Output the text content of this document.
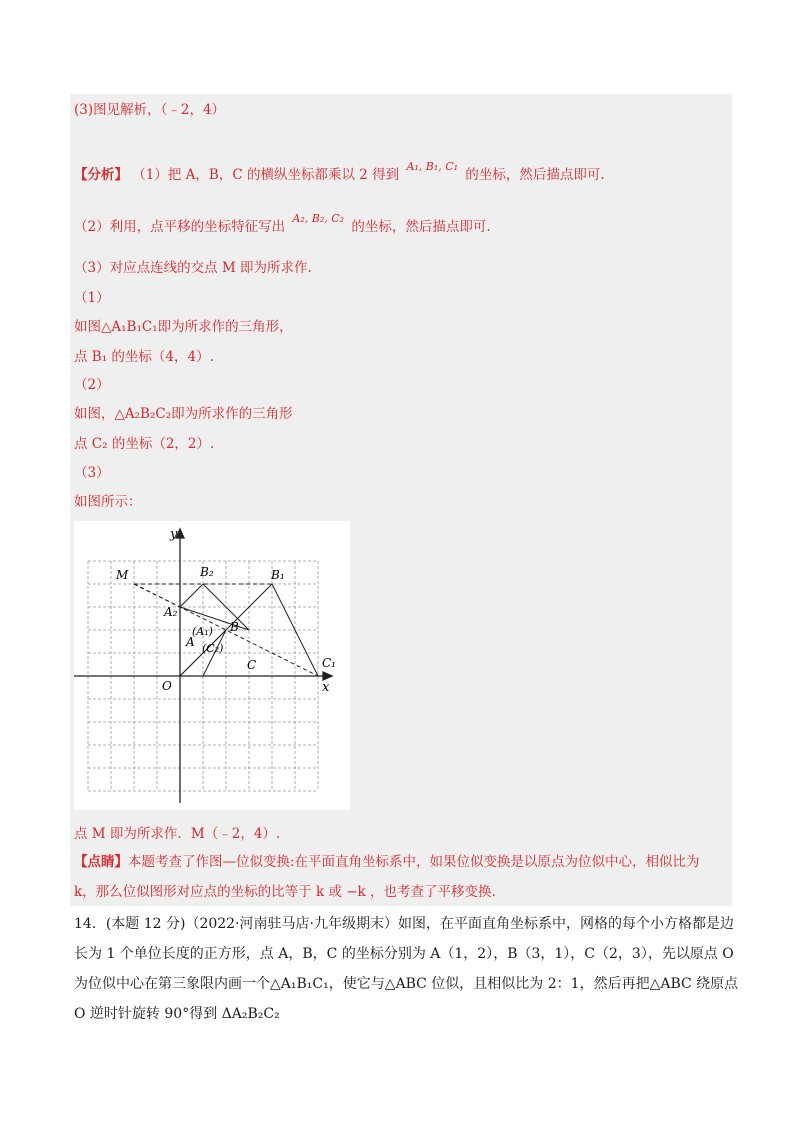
(3)图见解析，（﹣2，4）
【分析】 （1）把 A，B，C 的横纵坐标都乘以 2 得到 A₁, B₁, C₁ 的坐标，然后描点即可.
（2）利用，点平移的坐标特征写出 A₂, B₂, C₂ 的坐标，然后描点即可.
（3）对应点连线的交点 M 即为所求作.
（1）
如图△A₁B₁C₁即为所求作的三角形，
点 B₁ 的坐标（4，4）.
（2）
如图，△A₂B₂C₂即为所求作的三角形
点 C₂ 的坐标（2，2）.
（3）
如图所示：
y
x
O
M	B₂	B₁
A₂
(A₁) B
A (C₂)
C	C₁
点 M 即为所求作．M（﹣2，4）.
【点睛】本题考查了作图—位似变换:在平面直角坐标系中，如果位似变换是以原点为位似中心，相似比为
k，那么位似图形对应点的坐标的比等于 k 或 −k ，也考查了平移变换.
14．(本题 12 分)（2022·河南驻马店·九年级期末）如图，在平面直角坐标系中，网格的每个小方格都是边
长为 1 个单位长度的正方形，点 A，B，C 的坐标分别为 A（1，2），B（3，1），C（2，3），先以原点 O
为位似中心在第三象限内画一个△A₁B₁C₁，使它与△ABC 位似，且相似比为 2：1，然后再把△ABC 绕原点
O 逆时针旋转 90°得到 ΔA₂B₂C₂
